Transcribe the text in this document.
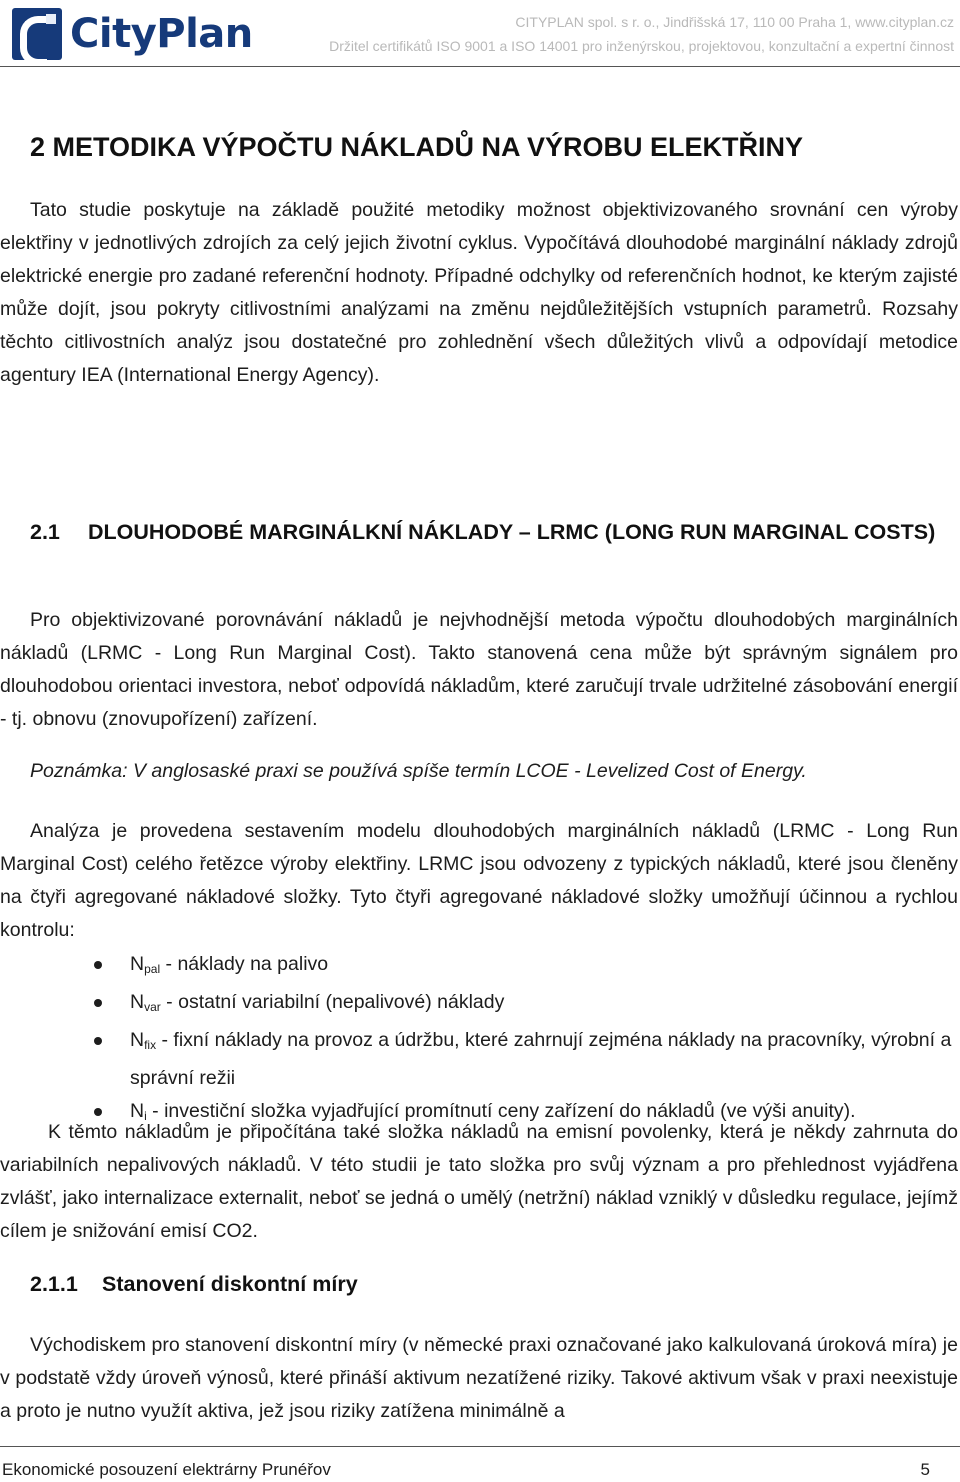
CityPlan	CITYPLAN spol. s r. o., Jindřišská 17, 110 00 Praha 1, www.cityplan.cz
Držitel certifikátů ISO 9001 a ISO 14001 pro inženýrskou, projektovou, konzultační a expertní činnost
2 METODIKA VÝPOČTU NÁKLADŮ NA VÝROBU ELEKTŘINY
Tato studie poskytuje na základě použité metodiky možnost objektivizovaného srovnání cen výroby elektřiny v jednotlivých zdrojích za celý jejich životní cyklus. Vypočítává dlouhodobé marginální náklady zdrojů elektrické energie pro zadané referenční hodnoty. Případné odchylky od referenčních hodnot, ke kterým zajisté může dojít, jsou pokryty citlivostními analýzami na změnu nejdůležitějších vstupních parametrů. Rozsahy těchto citlivostních analýz jsou dostatečné pro zohlednění všech důležitých vlivů a odpovídají metodice agentury IEA (International Energy Agency).
2.1 DLOUHODOBÉ MARGINÁLKNÍ NÁKLADY – LRMC (LONG RUN MARGINAL COSTS)
Pro objektivizované porovnávání nákladů je nejvhodnější metoda výpočtu dlouhodobých marginálních nákladů (LRMC - Long Run Marginal Cost). Takto stanovená cena může být správným signálem pro dlouhodobou orientaci investora, neboť odpovídá nákladům, které zaručují trvale udržitelné zásobování energií - tj. obnovu (znovupořízení) zařízení.
Poznámka: V anglosaské praxi se používá spíše termín LCOE - Levelized Cost of Energy.
Analýza je provedena sestavením modelu dlouhodobých marginálních nákladů (LRMC - Long Run Marginal Cost) celého řetězce výroby elektřiny. LRMC jsou odvozeny z typických nákladů, které jsou členěny na čtyři agregované nákladové složky. Tyto čtyři agregované nákladové složky umožňují účinnou a rychlou kontrolu:
$N_{pal}$ - náklady na palivo
$N_{var}$ - ostatní variabilní (nepalivové) náklady
$N_{fix}$ - fixní náklady na provoz a údržbu, které zahrnují zejména náklady na pracovníky, výrobní a správní režii
$N_i$ - investiční složka vyjadřující promítnutí ceny zařízení do nákladů (ve výši anuity).
K těmto nákladům je připočítána také složka nákladů na emisní povolenky, která je někdy zahrnuta do variabilních nepalivových nákladů. V této studii je tato složka pro svůj význam a pro přehlednost vyjádřena zvlášť, jako internalizace externalit, neboť se jedná o umělý (netržní) náklad vzniklý v důsledku regulace, jejímž cílem je snižování emisí CO2.
2.1.1 Stanovení diskontní míry
Východiskem pro stanovení diskontní míry (v německé praxi označované jako kalkulovaná úroková míra) je v podstatě vždy úroveň výnosů, které přináší aktivum nezatížené riziky. Takové aktivum však v praxi neexistuje a proto je nutno využít aktiva, jež jsou riziky zatížena minimálně a
Ekonomické posouzení elektrárny Prunéřov	5
